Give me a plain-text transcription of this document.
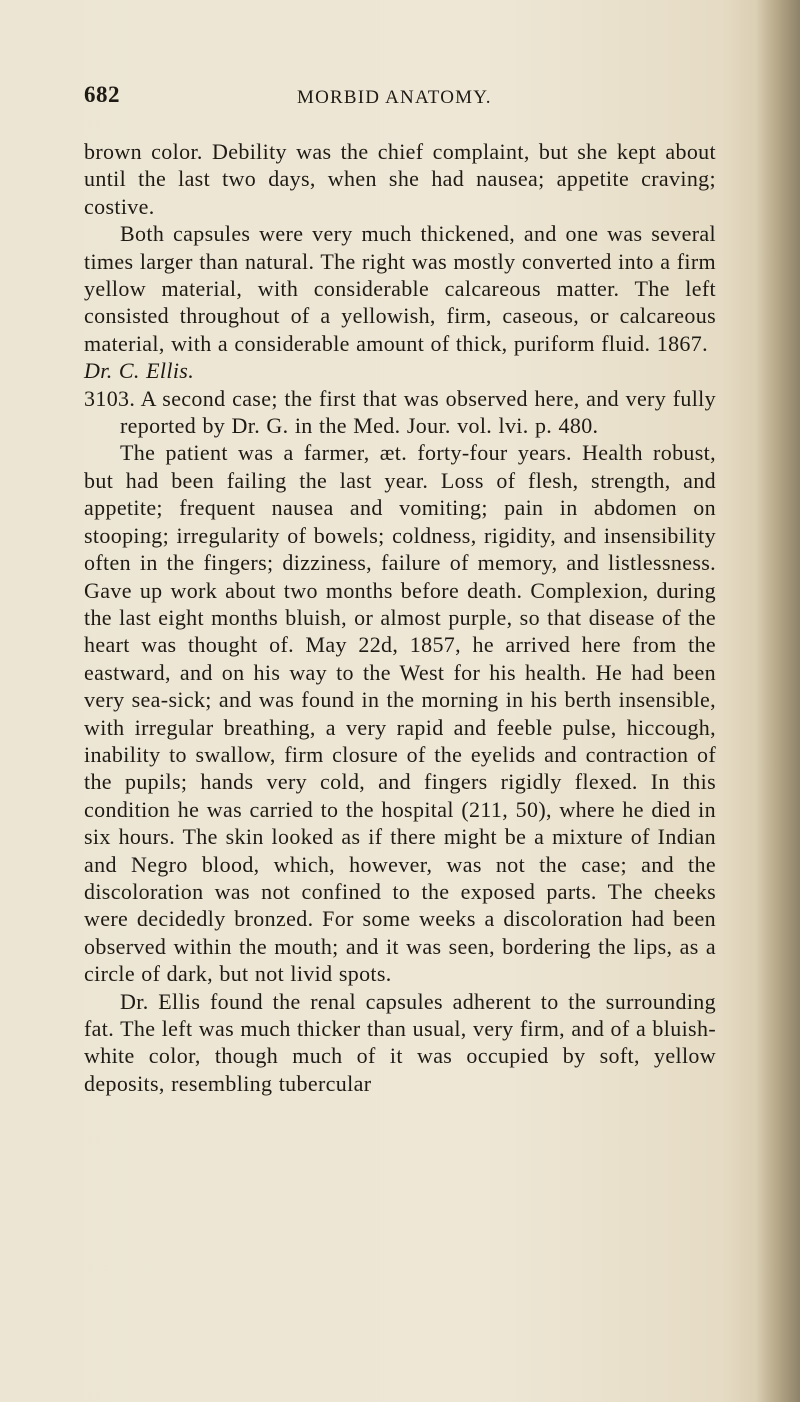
682	MORBID ANATOMY.

brown color. Debility was the chief complaint, but she kept about until the last two days, when she had nausea; appetite craving; costive.

Both capsules were very much thickened, and one was several times larger than natural. The right was mostly converted into a firm yellow material, with considerable calcareous matter. The left consisted throughout of a yellowish, firm, caseous, or calcareous material, with a considerable amount of thick, puriform fluid. 1867.

Dr. C. Ellis.

3103. A second case; the first that was observed here, and very fully reported by Dr. G. in the Med. Jour. vol. lvi. p. 480.

The patient was a farmer, æt. forty-four years. Health robust, but had been failing the last year. Loss of flesh, strength, and appetite; frequent nausea and vomiting; pain in abdomen on stooping; irregularity of bowels; coldness, rigidity, and insensibility often in the fingers; dizziness, failure of memory, and listlessness. Gave up work about two months before death. Complexion, during the last eight months bluish, or almost purple, so that disease of the heart was thought of. May 22d, 1857, he arrived here from the eastward, and on his way to the West for his health. He had been very sea-sick; and was found in the morning in his berth insensible, with irregular breathing, a very rapid and feeble pulse, hiccough, inability to swallow, firm closure of the eyelids and contraction of the pupils; hands very cold, and fingers rigidly flexed. In this condition he was carried to the hospital (211, 50), where he died in six hours. The skin looked as if there might be a mixture of Indian and Negro blood, which, however, was not the case; and the discoloration was not confined to the exposed parts. The cheeks were decidedly bronzed. For some weeks a discoloration had been observed within the mouth; and it was seen, bordering the lips, as a circle of dark, but not livid spots.

Dr. Ellis found the renal capsules adherent to the surrounding fat. The left was much thicker than usual, very firm, and of a bluish-white color, though much of it was occupied by soft, yellow deposits, resembling tubercular
